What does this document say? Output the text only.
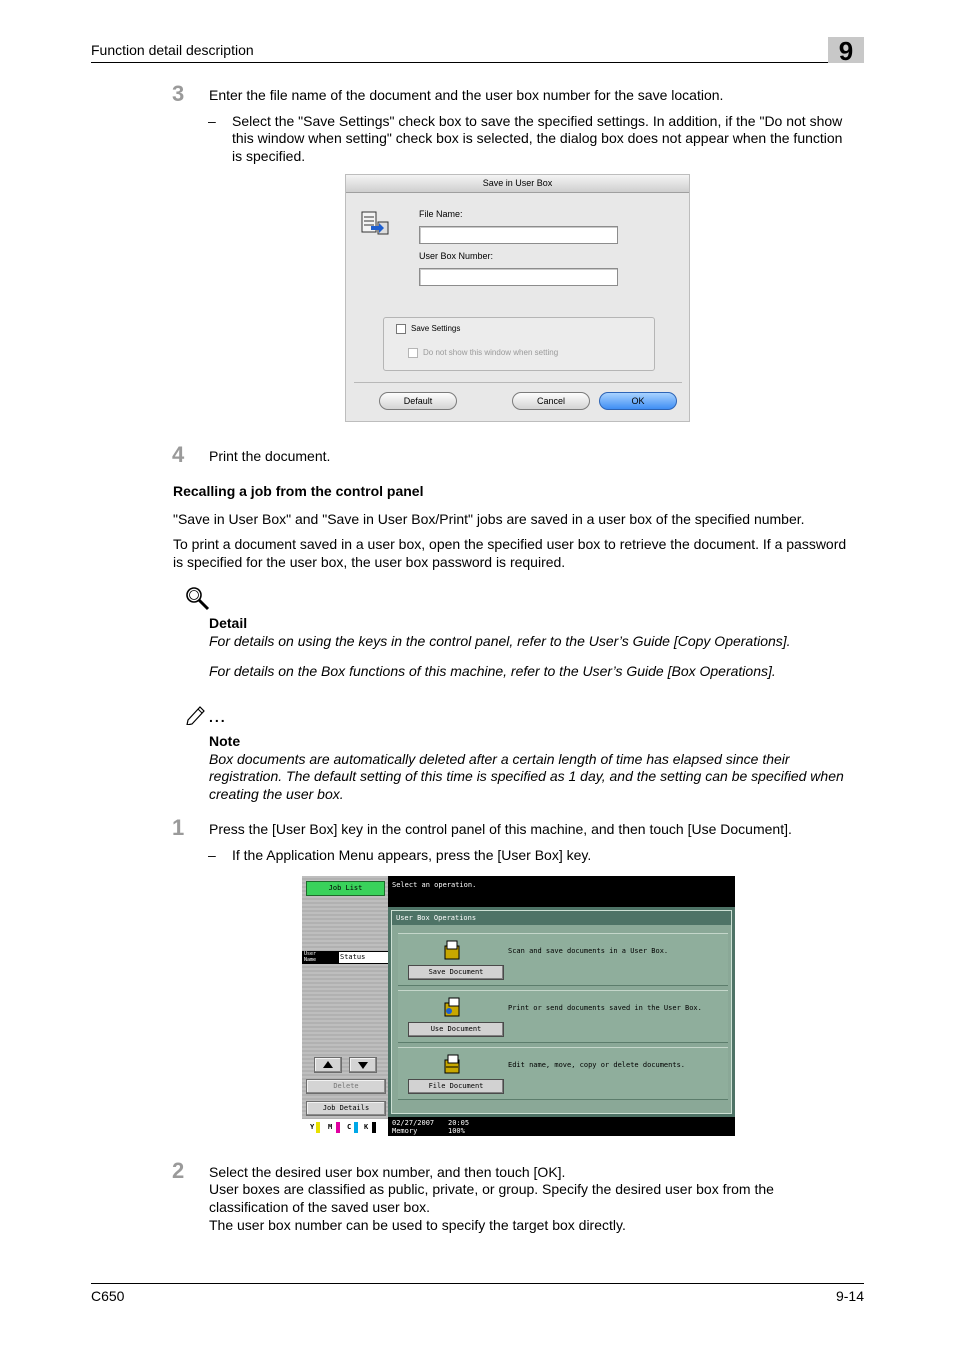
Function detail description	9
3 Enter the file name of the document and the user box number for the save location.
– Select the "Save Settings" check box to save the specified settings. In addition, if the "Do not show
this window when setting" check box is selected, the dialog box does not appear when the function
is specified.
Save in User Box
File Name:
User Box Number:
Save Settings
Do not show this window when setting
Default	Cancel	OK
4 Print the document.
Recalling a job from the control panel
"Save in User Box" and "Save in User Box/Print" jobs are saved in a user box of the specified number.
To print a document saved in a user box, open the specified user box to retrieve the document. If a password
is specified for the user box, the user box password is required.
Detail
For details on using the keys in the control panel, refer to the User’s Guide [Copy Operations].
For details on the Box functions of this machine, refer to the User’s Guide [Box Operations].
...
Note
Box documents are automatically deleted after a certain length of time has elapsed since their
registration. The default setting of this time is specified as 1 day, and the setting can be specified when
creating the user box.
1 Press the [User Box] key in the control panel of this machine, and then touch [Use Document].
– If the Application Menu appears, press the [User Box] key.
Job List
User Name	Status
Delete
Job Details
Select an operation.
User Box Operations
Save Document
Scan and save documents in a User Box.
Use Document
Print or send documents saved in the User Box.
File Document
Edit name, move, copy or delete documents.
Y M C K	02/27/2007 20:05
Memory	100%
2 Select the desired user box number, and then touch [OK].
User boxes are classified as public, private, or group. Specify the desired user box from the
classification of the saved user box.
The user box number can be used to specify the target box directly.
C650	9-14
